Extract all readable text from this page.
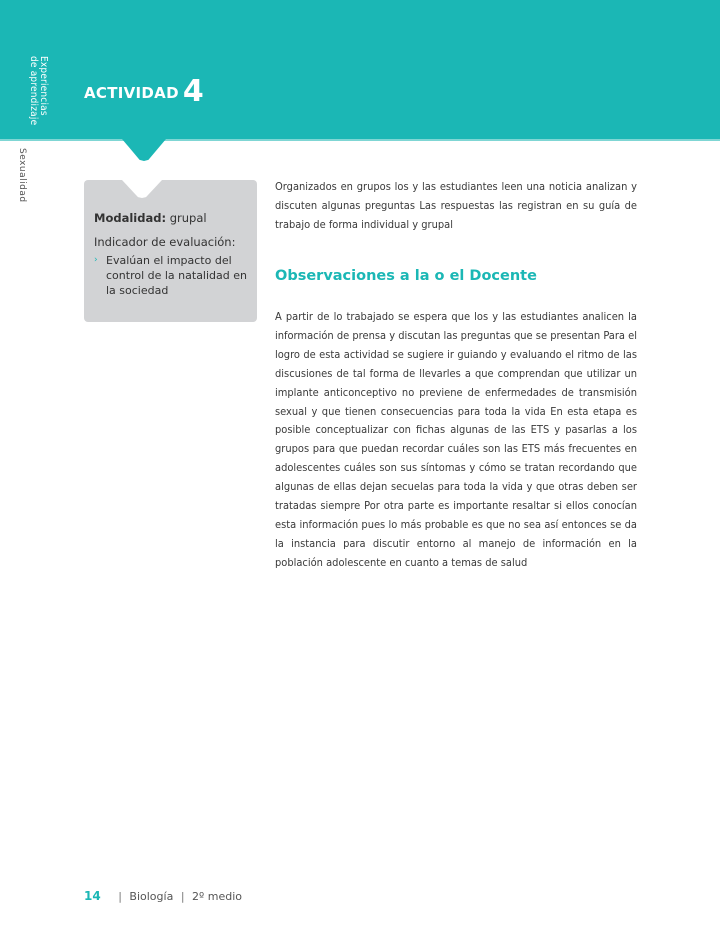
Experiencias
de aprendizaje
Sexualidad
ACTIVIDAD 4
Modalidad: grupal
Indicador de evaluación:
› Evalúan el impacto del control de la natalidad en la sociedad
Organizados en grupos los y las estudiantes leen una noticia analizan y discuten algunas preguntas Las respuestas las registran en su guía de trabajo de forma individual y grupal
Observaciones a la o el Docente
A partir de lo trabajado se espera que los y las estudiantes analicen la información de prensa y discutan las preguntas que se presentan Para el logro de esta actividad se sugiere ir guiando y evaluando el ritmo de las discusiones de tal forma de llevarles a que comprendan que utilizar un implante anticonceptivo no previene de enfermedades de transmisión sexual y que tienen consecuencias para toda la vida En esta etapa es posible conceptualizar con fichas algunas de las ETS y pasarlas a los grupos para que puedan recordar cuáles son las ETS más frecuentes en adolescentes cuáles son sus síntomas y cómo se tratan recordando que algunas de ellas dejan secuelas para toda la vida y que otras deben ser tratadas siempre Por otra parte es importante resaltar si ellos conocían esta información pues lo más probable es que no sea así entonces se da la instancia para discutir entorno al manejo de información en la población adolescente en cuanto a temas de salud
14 | Biología | 2º medio
